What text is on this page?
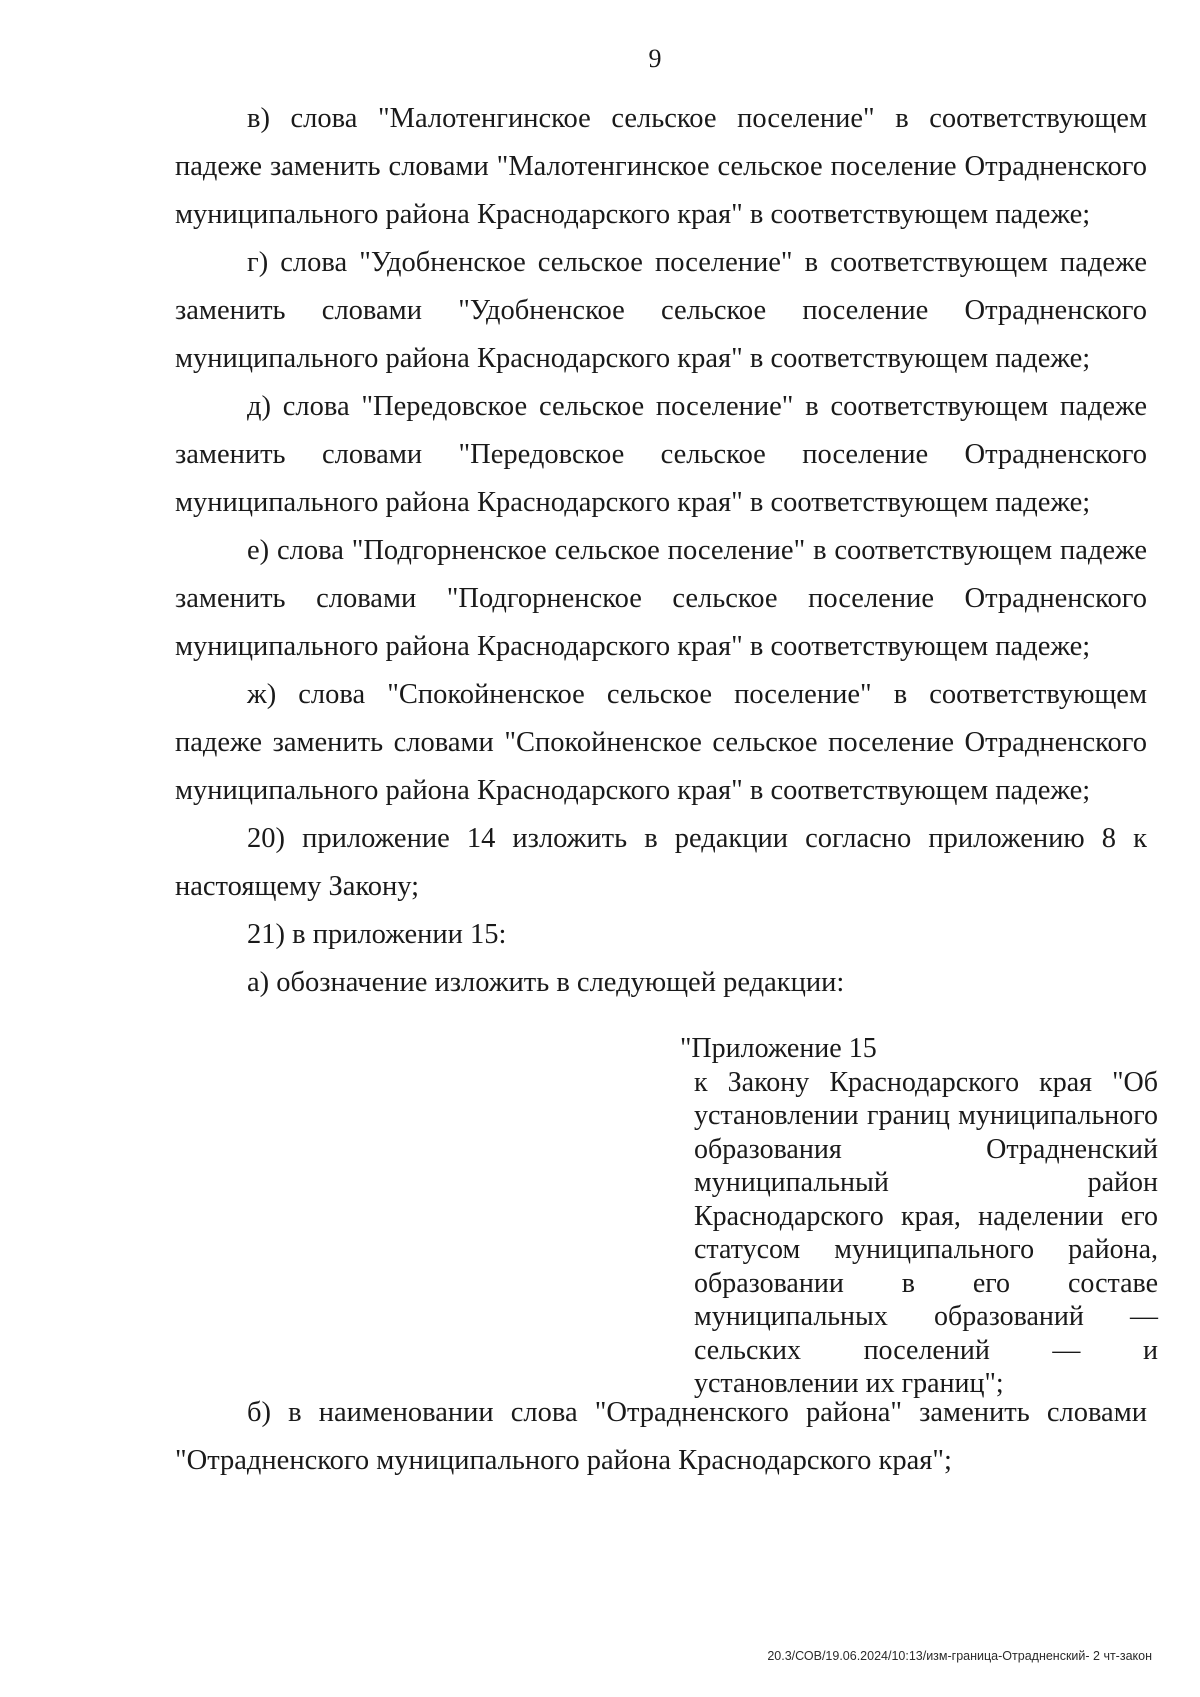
9

в) слова "Малотенгинское сельское поселение" в соответствующем падеже заменить словами "Малотенгинское сельское поселение Отрадненского муниципального района Краснодарского края" в соответствующем падеже;

г) слова "Удобненское сельское поселение" в соответствующем падеже заменить словами "Удобненское сельское поселение Отрадненского муниципального района Краснодарского края" в соответствующем падеже;

д) слова "Передовское сельское поселение" в соответствующем падеже заменить словами "Передовское сельское поселение Отрадненского муниципального района Краснодарского края" в соответствующем падеже;

е) слова "Подгорненское сельское поселение" в соответствующем падеже заменить словами "Подгорненское сельское поселение Отрадненского муниципального района Краснодарского края" в соответствующем падеже;

ж) слова "Спокойненское сельское поселение" в соответствующем падеже заменить словами "Спокойненское сельское поселение Отрадненского муниципального района Краснодарского края" в соответствующем падеже;

20) приложение 14 изложить в редакции согласно приложению 8 к настоящему Закону;

21) в приложении 15:

а) обозначение изложить в следующей редакции:

"Приложение 15
к Закону Краснодарского края "Об установлении границ муниципального образования Отрадненский муниципальный район Краснодарского края, наделении его статусом муниципального района, образовании в его составе муниципальных образований — сельских поселений — и установлении их границ";

б) в наименовании слова "Отрадненского района" заменить словами "Отрадненского муниципального района Краснодарского края";

20.3/СОВ/19.06.2024/10:13/изм-граница-Отрадненский- 2 чт-закон
